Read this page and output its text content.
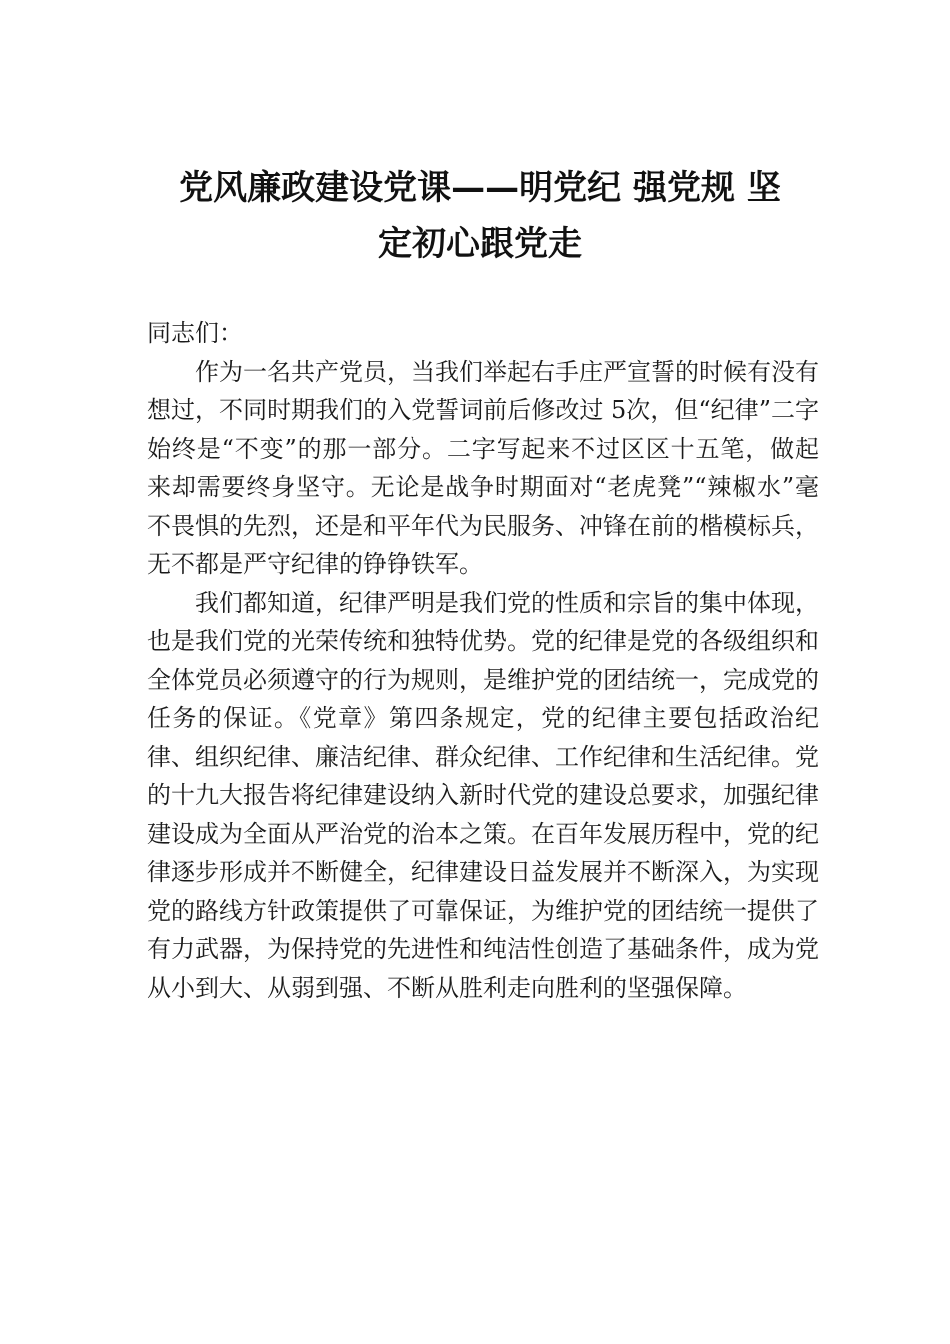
党风廉政建设党课——明党纪 强党规 坚
定初心跟党走

同志们：

作为一名共产党员，当我们举起右手庄严宣誓的时候有没有想过，不同时期我们的入党誓词前后修改过 5次，但“纪律”二字始终是“不变”的那一部分。二字写起来不过区区十五笔，做起来却需要终身坚守。无论是战争时期面对“老虎凳”“辣椒水”毫不畏惧的先烈，还是和平年代为民服务、冲锋在前的楷模标兵，无不都是严守纪律的铮铮铁军。

我们都知道，纪律严明是我们党的性质和宗旨的集中体现，也是我们党的光荣传统和独特优势。党的纪律是党的各级组织和全体党员必须遵守的行为规则，是维护党的团结统一，完成党的任务的保证。《党章》第四条规定，党的纪律主要包括政治纪律、组织纪律、廉洁纪律、群众纪律、工作纪律和生活纪律。党的十九大报告将纪律建设纳入新时代党的建设总要求，加强纪律建设成为全面从严治党的治本之策。在百年发展历程中，党的纪律逐步形成并不断健全，纪律建设日益发展并不断深入，为实现党的路线方针政策提供了可靠保证，为维护党的团结统一提供了有力武器，为保持党的先进性和纯洁性创造了基础条件，成为党从小到大、从弱到强、不断从胜利走向胜利的坚强保障。
